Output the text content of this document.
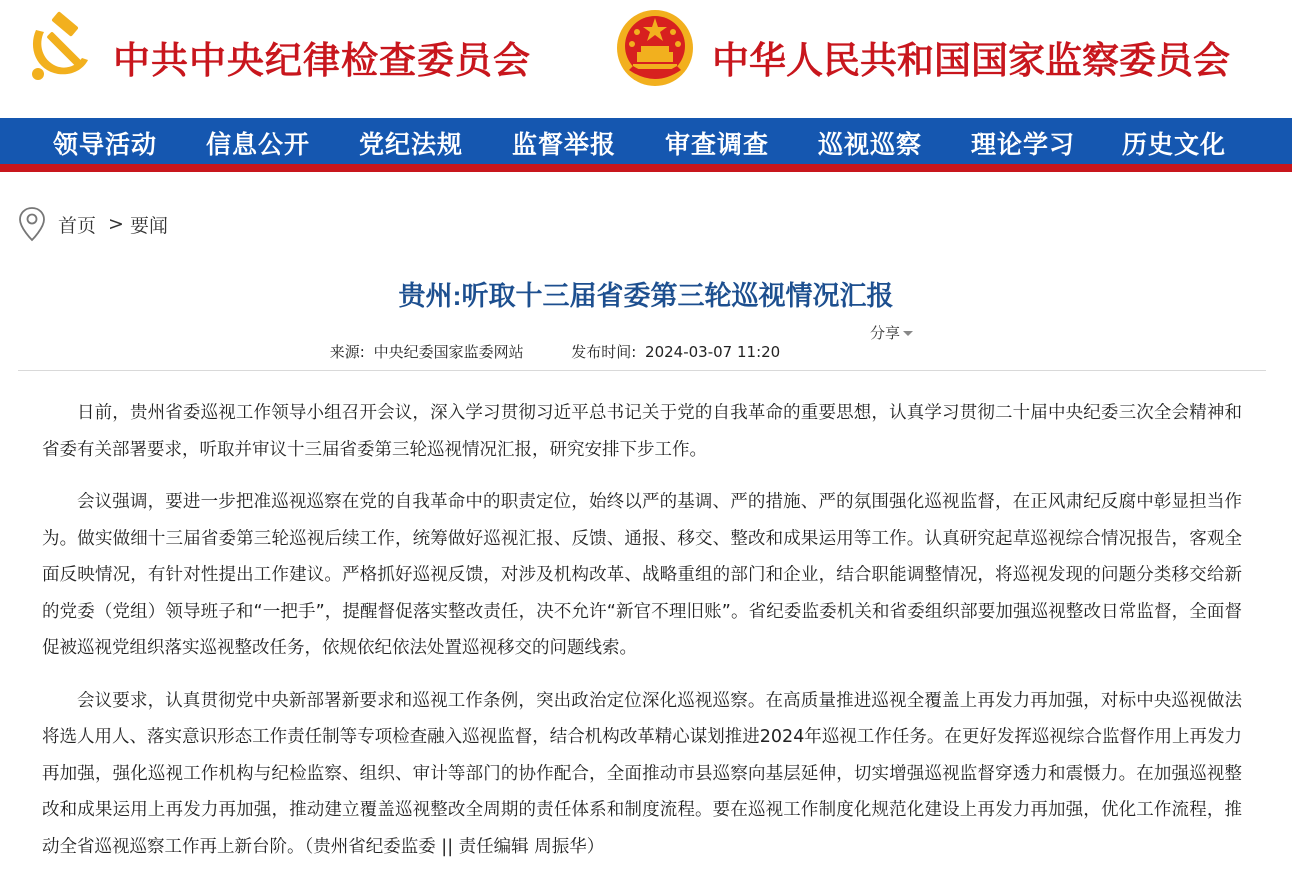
中共中央纪律检查委员会	中华人民共和国国家监察委员会
领导活动 信息公开 党纪法规 监督举报 审查调查 巡视巡察 理论学习 历史文化
首页 > 要闻
贵州:听取十三届省委第三轮巡视情况汇报
分享
来源: 中央纪委国家监委网站	发布时间: 2024-03-07 11:20

日前，贵州省委巡视工作领导小组召开会议，深入学习贯彻习近平总书记关于党的自我革命的重要思想，认真学习贯彻二十届中央纪委三次全会精神和省委有关部署要求，听取并审议十三届省委第三轮巡视情况汇报，研究安排下步工作。

会议强调，要进一步把准巡视巡察在党的自我革命中的职责定位，始终以严的基调、严的措施、严的氛围强化巡视监督，在正风肃纪反腐中彰显担当作为。做实做细十三届省委第三轮巡视后续工作，统筹做好巡视汇报、反馈、通报、移交、整改和成果运用等工作。认真研究起草巡视综合情况报告，客观全面反映情况，有针对性提出工作建议。严格抓好巡视反馈，对涉及机构改革、战略重组的部门和企业，结合职能调整情况，将巡视发现的问题分类移交给新的党委（党组）领导班子和“一把手”，提醒督促落实整改责任，决不允许“新官不理旧账”。省纪委监委机关和省委组织部要加强巡视整改日常监督，全面督促被巡视党组织落实巡视整改任务，依规依纪依法处置巡视移交的问题线索。

会议要求，认真贯彻党中央新部署新要求和巡视工作条例，突出政治定位深化巡视巡察。在高质量推进巡视全覆盖上再发力再加强，对标中央巡视做法将选人用人、落实意识形态工作责任制等专项检查融入巡视监督，结合机构改革精心谋划推进2024年巡视工作任务。在更好发挥巡视综合监督作用上再发力再加强，强化巡视工作机构与纪检监察、组织、审计等部门的协作配合，全面推动市县巡察向基层延伸，切实增强巡视监督穿透力和震慑力。在加强巡视整改和成果运用上再发力再加强，推动建立覆盖巡视整改全周期的责任体系和制度流程。要在巡视工作制度化规范化建设上再发力再加强，优化工作流程，推动全省巡视巡察工作再上新台阶。（贵州省纪委监委 || 责任编辑 周振华）
